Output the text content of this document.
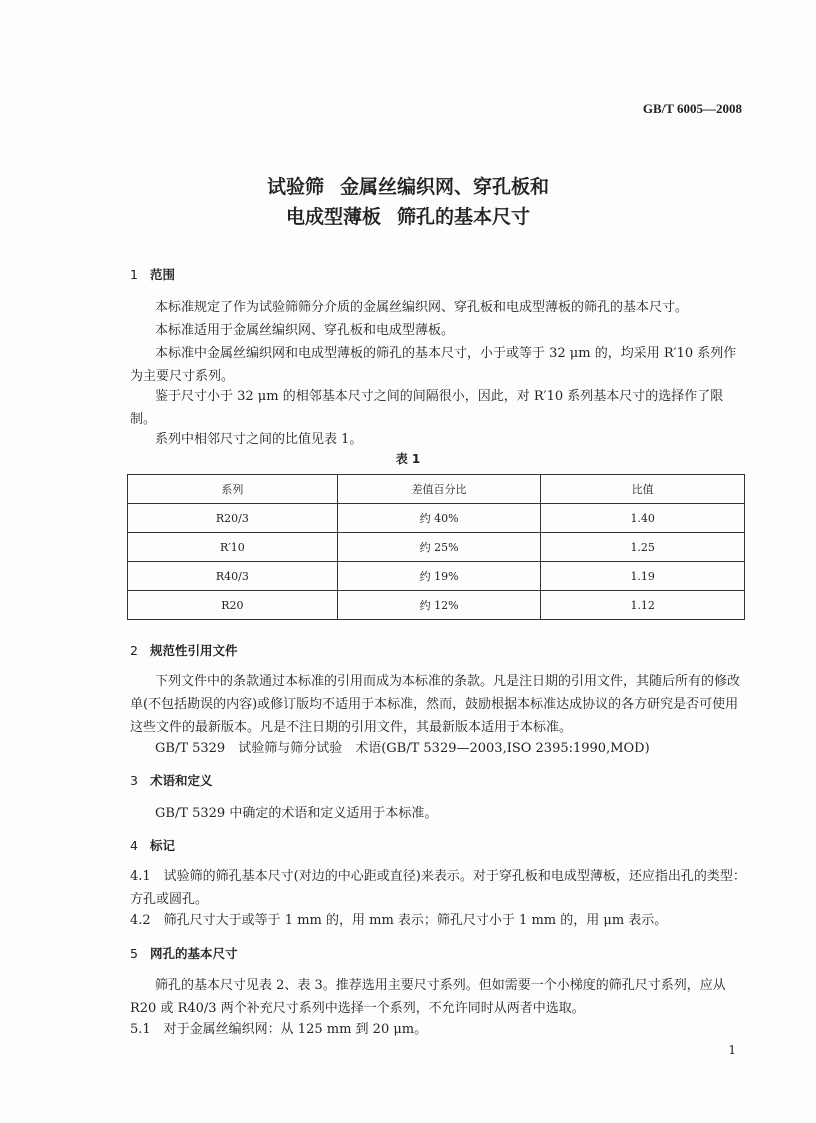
GB/T 6005—2008
试验筛 金属丝编织网、穿孔板和
电成型薄板 筛孔的基本尺寸
1 范围
本标准规定了作为试验筛筛分介质的金属丝编织网、穿孔板和电成型薄板的筛孔的基本尺寸。
本标准适用于金属丝编织网、穿孔板和电成型薄板。
本标准中金属丝编织网和电成型薄板的筛孔的基本尺寸，小于或等于 32 μm 的，均采用 R′10 系列作为主要尺寸系列。
鉴于尺寸小于 32 μm 的相邻基本尺寸之间的间隔很小，因此，对 R′10 系列基本尺寸的选择作了限制。
系列中相邻尺寸之间的比值见表 1。
表 1
系列	差值百分比	比值
R20/3	约 40%	1.40
R′10	约 25%	1.25
R40/3	约 19%	1.19
R20	约 12%	1.12
2 规范性引用文件
下列文件中的条款通过本标准的引用而成为本标准的条款。凡是注日期的引用文件，其随后所有的修改单(不包括勘误的内容)或修订版均不适用于本标准，然而，鼓励根据本标准达成协议的各方研究是否可使用这些文件的最新版本。凡是不注日期的引用文件，其最新版本适用于本标准。
GB/T 5329　试验筛与筛分试验　术语(GB/T 5329—2003,ISO 2395:1990,MOD)
3 术语和定义
GB/T 5329 中确定的术语和定义适用于本标准。
4 标记
4.1　试验筛的筛孔基本尺寸(对边的中心距或直径)来表示。对于穿孔板和电成型薄板，还应指出孔的类型：方孔或圆孔。
4.2　筛孔尺寸大于或等于 1 mm 的，用 mm 表示；筛孔尺寸小于 1 mm 的，用 μm 表示。
5 网孔的基本尺寸
筛孔的基本尺寸见表 2、表 3。推荐选用主要尺寸系列。但如需要一个小梯度的筛孔尺寸系列，应从 R20 或 R40/3 两个补充尺寸系列中选择一个系列，不允许同时从两者中选取。
5.1　对于金属丝编织网：从 125 mm 到 20 μm。
1
